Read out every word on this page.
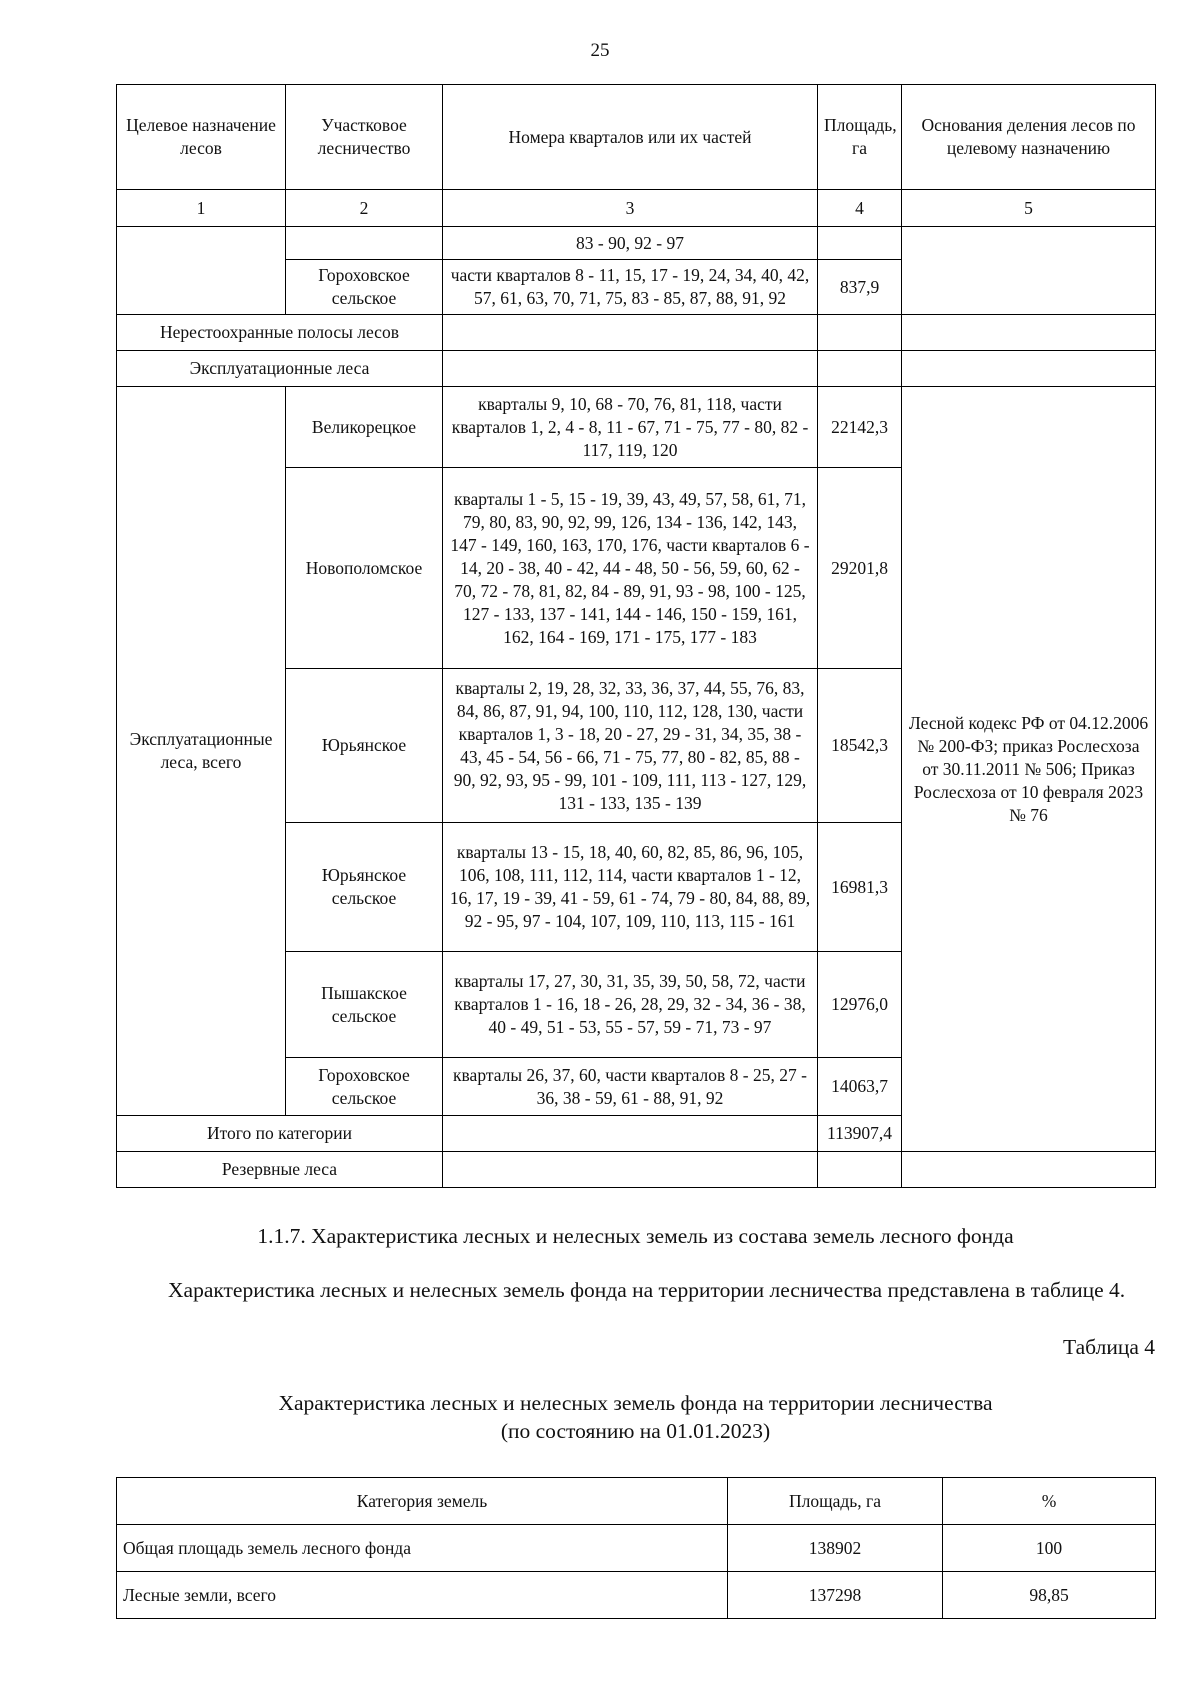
25
Целевое назначение лесов	Участковое лесничество	Номера кварталов или их частей	Площадь, га	Основания деления лесов по целевому назначению
1	2	3	4	5
		83 - 90, 92 - 97		
	Гороховское сельское	части кварталов 8 - 11, 15, 17 - 19, 24, 34, 40, 42, 57, 61, 63, 70, 71, 75, 83 - 85, 87, 88, 91, 92	837,9	
Нерестоохранные полосы лесов				
Эксплуатационные леса				
Эксплуатационные леса, всего	Великорецкое	кварталы 9, 10, 68 - 70, 76, 81, 118, части кварталов 1, 2, 4 - 8, 11 - 67, 71 - 75, 77 - 80, 82 - 117, 119, 120	22142,3	Лесной кодекс РФ от 04.12.2006 № 200-ФЗ; приказ Рослесхоза от 30.11.2011 № 506; Приказ Рослесхоза от 10 февраля 2023 № 76
	Новополомское	кварталы 1 - 5, 15 - 19, 39, 43, 49, 57, 58, 61, 71, 79, 80, 83, 90, 92, 99, 126, 134 - 136, 142, 143, 147 - 149, 160, 163, 170, 176, части кварталов 6 - 14, 20 - 38, 40 - 42, 44 - 48, 50 - 56, 59, 60, 62 - 70, 72 - 78, 81, 82, 84 - 89, 91, 93 - 98, 100 - 125, 127 - 133, 137 - 141, 144 - 146, 150 - 159, 161, 162, 164 - 169, 171 - 175, 177 - 183	29201,8	
	Юрьянское	кварталы 2, 19, 28, 32, 33, 36, 37, 44, 55, 76, 83, 84, 86, 87, 91, 94, 100, 110, 112, 128, 130, части кварталов 1, 3 - 18, 20 - 27, 29 - 31, 34, 35, 38 - 43, 45 - 54, 56 - 66, 71 - 75, 77, 80 - 82, 85, 88 - 90, 92, 93, 95 - 99, 101 - 109, 111, 113 - 127, 129, 131 - 133, 135 - 139	18542,3	
	Юрьянское сельское	кварталы 13 - 15, 18, 40, 60, 82, 85, 86, 96, 105, 106, 108, 111, 112, 114, части кварталов 1 - 12, 16, 17, 19 - 39, 41 - 59, 61 - 74, 79 - 80, 84, 88, 89, 92 - 95, 97 - 104, 107, 109, 110, 113, 115 - 161	16981,3	
	Пышакское сельское	кварталы 17, 27, 30, 31, 35, 39, 50, 58, 72, части кварталов 1 - 16, 18 - 26, 28, 29, 32 - 34, 36 - 38, 40 - 49, 51 - 53, 55 - 57, 59 - 71, 73 - 97	12976,0	
	Гороховское сельское	кварталы 26, 37, 60, части кварталов 8 - 25, 27 - 36, 38 - 59, 61 - 88, 91, 92	14063,7	
Итого по категории			113907,4	
Резервные леса				
1.1.7. Характеристика лесных и нелесных земель из состава земель лесного фонда
Характеристика лесных и нелесных земель фонда на территории лесничества представлена в таблице 4.
Таблица 4
Характеристика лесных и нелесных земель фонда на территории лесничества
(по состоянию на 01.01.2023)
Категория земель	Площадь, га	%
Общая площадь земель лесного фонда	138902	100
Лесные земли, всего	137298	98,85
